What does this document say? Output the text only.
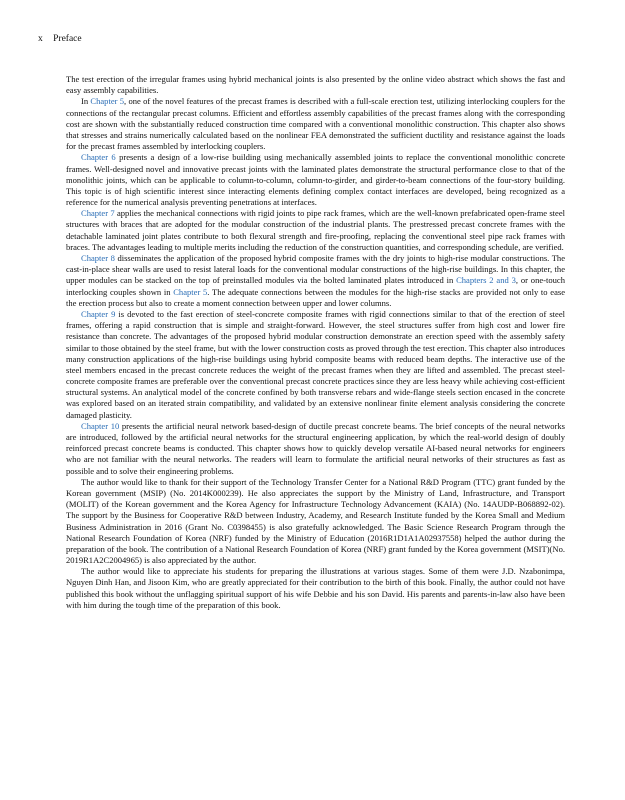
x Preface

The test erection of the irregular frames using hybrid mechanical joints is also presented by the online video abstract which shows the fast and easy assembly capabilities.

In Chapter 5, one of the novel features of the precast frames is described with a full-scale erection test, utilizing interlocking couplers for the connections of the rectangular precast columns. Efficient and effortless assembly capabilities of the precast frames along with the corresponding cost are shown with the substantially reduced construction time compared with a conventional monolithic construction. This chapter also shows that stresses and strains numerically calculated based on the nonlinear FEA demonstrated the sufficient ductility and resistance against the loads for the precast frames assembled by interlocking couplers.

Chapter 6 presents a design of a low-rise building using mechanically assembled joints to replace the conventional monolithic concrete frames. Well-designed novel and innovative precast joints with the laminated plates demonstrate the structural performance close to that of the monolithic joints, which can be applicable to column-to-column, column-to-girder, and girder-to-beam connections of the four-story building. This topic is of high scientific interest since interacting elements defining complex contact interfaces are developed, being recognized as a reference for the numerical analysis preventing penetrations at interfaces.

Chapter 7 applies the mechanical connections with rigid joints to pipe rack frames, which are the well-known prefabricated open-frame steel structures with braces that are adopted for the modular construction of the industrial plants. The prestressed precast concrete frames with the detachable laminated joint plates contribute to both flexural strength and fire-proofing, replacing the conventional steel pipe rack frames with braces. The advantages leading to multiple merits including the reduction of the construction quantities, and corresponding schedule, are verified.

Chapter 8 disseminates the application of the proposed hybrid composite frames with the dry joints to high-rise modular constructions. The cast-in-place shear walls are used to resist lateral loads for the conventional modular constructions of the high-rise buildings. In this chapter, the upper modules can be stacked on the top of preinstalled modules via the bolted laminated plates introduced in Chapters 2 and 3, or one-touch interlocking couples shown in Chapter 5. The adequate connections between the modules for the high-rise stacks are provided not only to ease the erection process but also to create a moment connection between upper and lower columns.

Chapter 9 is devoted to the fast erection of steel-concrete composite frames with rigid connections similar to that of the erection of steel frames, offering a rapid construction that is simple and straight-forward. However, the steel structures suffer from high cost and lower fire resistance than concrete. The advantages of the proposed hybrid modular construction demonstrate an erection speed with the assembly safety similar to those obtained by the steel frame, but with the lower construction costs as proved through the test erection. This chapter also introduces many construction applications of the high-rise buildings using hybrid composite beams with reduced beam depths. The interactive use of the steel members encased in the precast concrete reduces the weight of the precast frames when they are lifted and assembled. The precast steel-concrete composite frames are preferable over the conventional precast concrete practices since they are less heavy while achieving cost-efficient structural systems. An analytical model of the concrete confined by both transverse rebars and wide-flange steels section encased in the concrete was explored based on an iterated strain compatibility, and validated by an extensive nonlinear finite element analysis considering the concrete damaged plasticity.

Chapter 10 presents the artificial neural network based-design of ductile precast concrete beams. The brief concepts of the neural networks are introduced, followed by the artificial neural networks for the structural engineering application, by which the real-world design of doubly reinforced precast concrete beams is conducted. This chapter shows how to quickly develop versatile AI-based neural networks for engineers who are not familiar with the neural networks. The readers will learn to formulate the artificial neural networks of their structures as fast as possible and to solve their engineering problems.

The author would like to thank for their support of the Technology Transfer Center for a National R&D Program (TTC) grant funded by the Korean government (MSIP) (No. 2014K000239). He also appreciates the support by the Ministry of Land, Infrastructure, and Transport (MOLIT) of the Korean government and the Korea Agency for Infrastructure Technology Advancement (KAIA) (No. 14AUDP-B068892-02). The support by the Business for Cooperative R&D between Industry, Academy, and Research Institute funded by the Korea Small and Medium Business Administration in 2016 (Grant No. C0398455) is also gratefully acknowledged. The Basic Science Research Program through the National Research Foundation of Korea (NRF) funded by the Ministry of Education (2016R1D1A1A02937558) helped the author during the preparation of the book. The contribution of a National Research Foundation of Korea (NRF) grant funded by the Korea government (MSIT)(No. 2019R1A2C2004965) is also appreciated by the author.

The author would like to appreciate his students for preparing the illustrations at various stages. Some of them were J.D. Nzabonimpa, Nguyen Dinh Han, and Jisoon Kim, who are greatly appreciated for their contribution to the birth of this book. Finally, the author could not have published this book without the unflagging spiritual support of his wife Debbie and his son David. His parents and parents-in-law also have been with him during the tough time of the preparation of this book.
